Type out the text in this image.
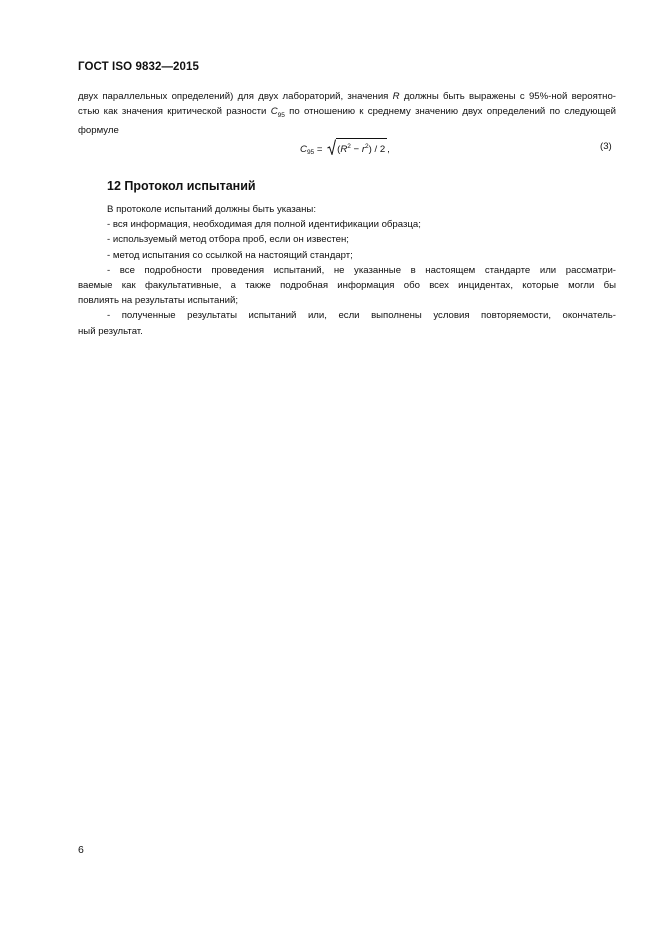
ГОСТ ISO 9832—2015
двух параллельных определений) для двух лабораторий, значения R должны быть выражены с 95%-ной вероятно-
стью как значения критической разности $C_{95}$ по отношению к среднему значению двух определений по следующей
формуле
$C_{95}$ =
$(R^2 - r^2) / 2$ ,	(3)
12 Протокол испытаний
В протоколе испытаний должны быть указаны:
- вся информация, необходимая для полной идентификации образца;
- используемый метод отбора проб, если он известен;
- метод испытания со ссылкой на настоящий стандарт;
- все подробности проведения испытаний, не указанные в настоящем стандарте или рассматри-
ваемые как факультативные, а также подробная информация обо всех инцидентах, которые могли бы
повлиять на результаты испытаний;
- полученные результаты испытаний или, если выполнены условия повторяемости, окончатель-
ный результат.
6
